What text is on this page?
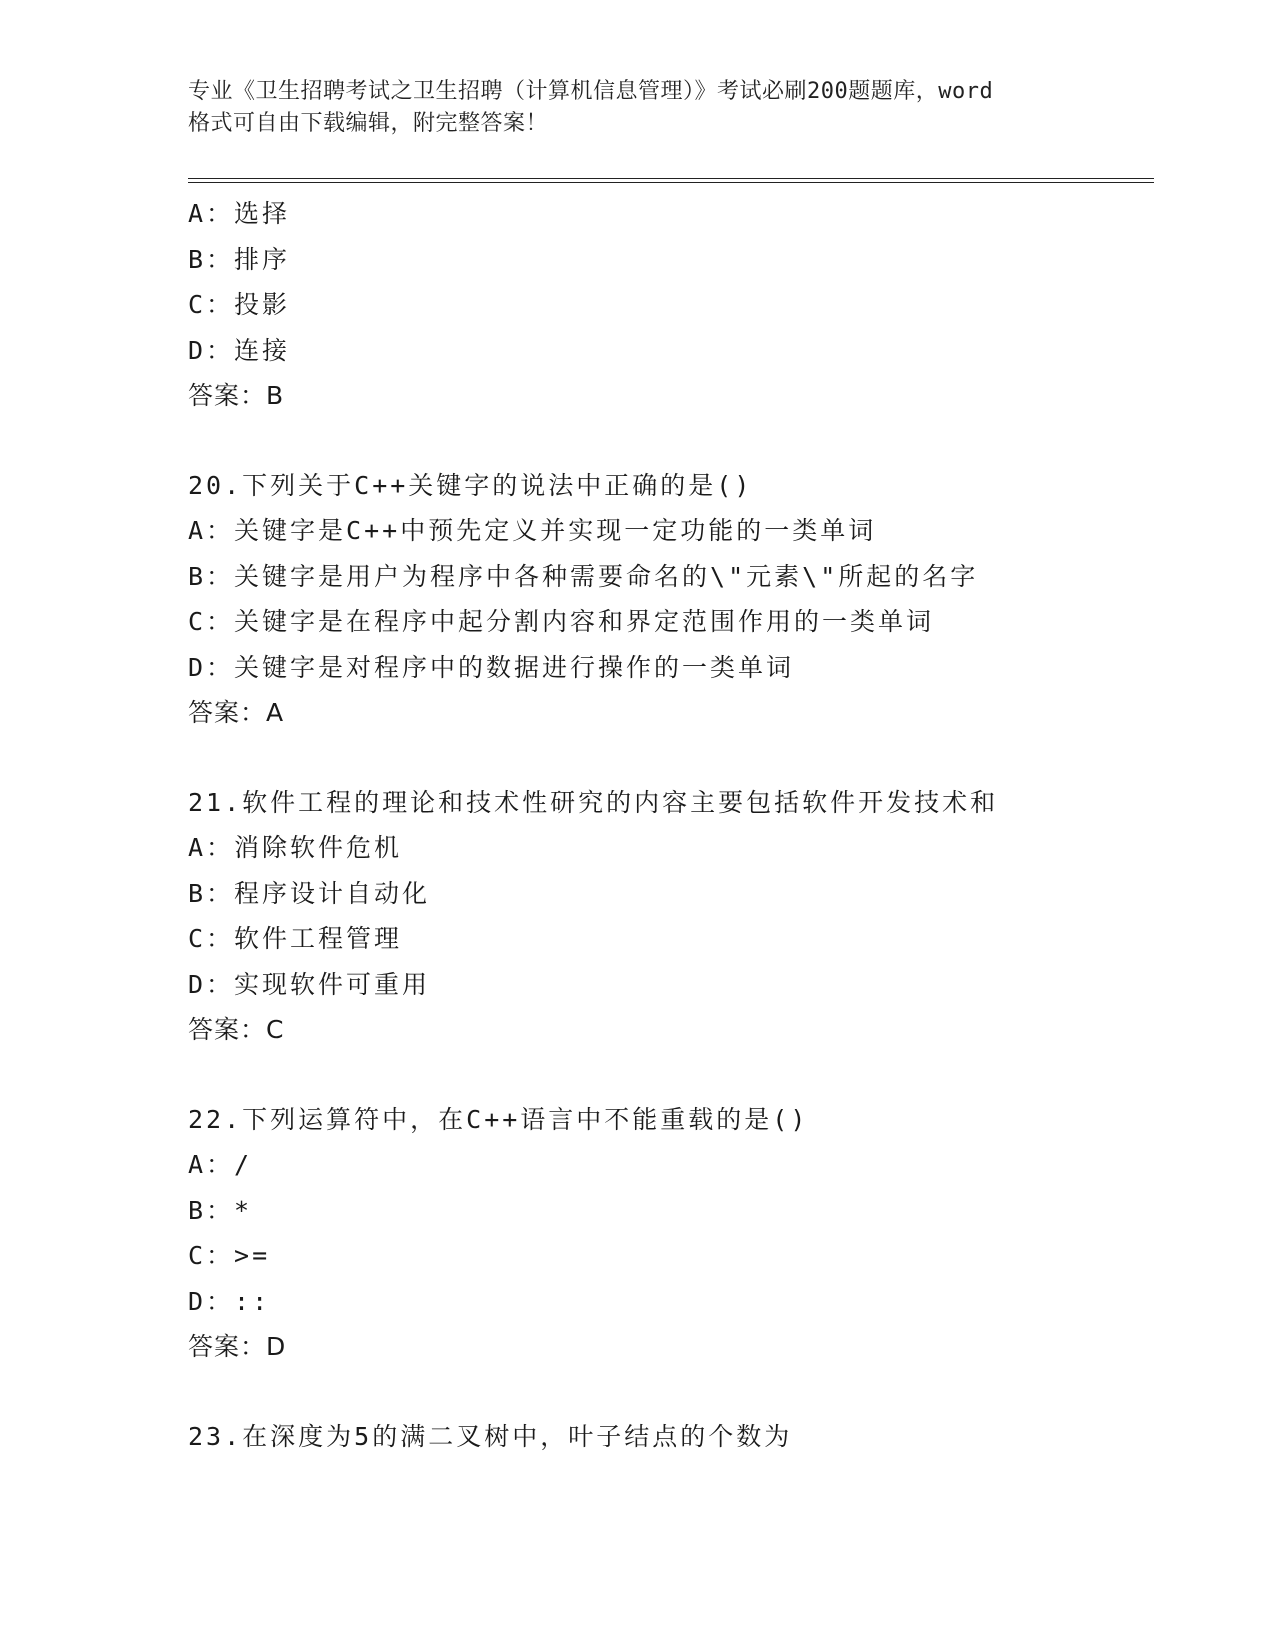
专业《卫生招聘考试之卫生招聘（计算机信息管理）》考试必刷200题题库，word
格式可自由下载编辑，附完整答案！
A：选择
B：排序
C：投影
D：连接
答案：B
20.下列关于C++关键字的说法中正确的是()
A：关键字是C++中预先定义并实现一定功能的一类单词
B：关键字是用户为程序中各种需要命名的\"元素\"所起的名字
C：关键字是在程序中起分割内容和界定范围作用的一类单词
D：关键字是对程序中的数据进行操作的一类单词
答案：A
21.软件工程的理论和技术性研究的内容主要包括软件开发技术和
A：消除软件危机
B：程序设计自动化
C：软件工程管理
D：实现软件可重用
答案：C
22.下列运算符中，在C++语言中不能重载的是()
A：/
B：*
C：>=
D：::
答案：D
23.在深度为5的满二叉树中，叶子结点的个数为
